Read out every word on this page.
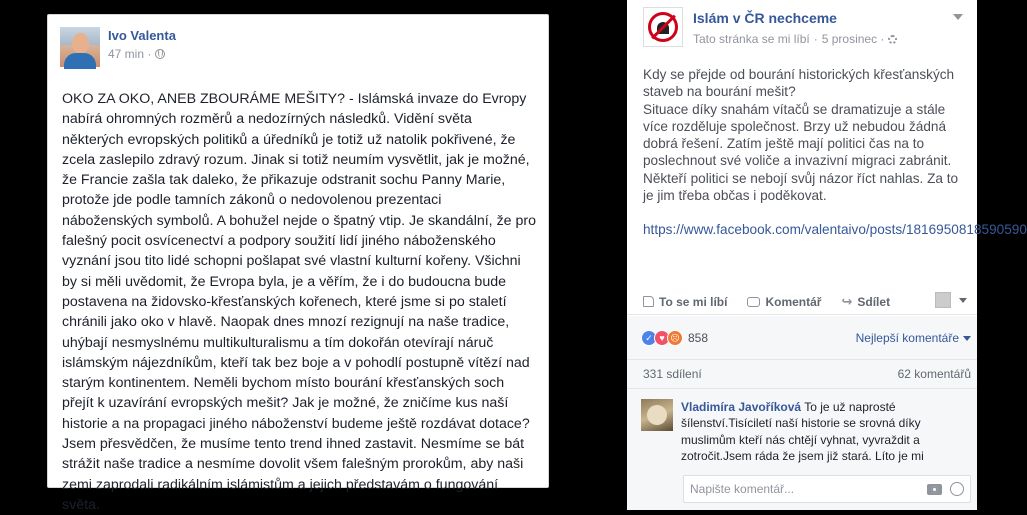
Ivo Valenta
47 min ·
OKO ZA OKO, ANEB ZBOURÁME MEŠITY? - Islámská invaze do Evropy nabírá ohromných rozměrů a nedozírných následků. Vidění světa některých evropských politiků a úředníků je totiž už natolik pokřivené, že zcela zaslepilo zdravý rozum. Jinak si totiž neumím vysvětlit, jak je možné, že Francie zašla tak daleko, že přikazuje odstranit sochu Panny Marie, protože jde podle tamních zákonů o nedovolenou prezentaci náboženských symbolů. A bohužel nejde o špatný vtip. Je skandální, že pro falešný pocit osvícenectví a podpory soužití lidí jiného náboženského vyznání jsou tito lidé schopni pošlapat své vlastní kulturní kořeny. Všichni by si měli uvědomit, že Evropa byla, je a věřím, že i do budoucna bude postavena na židovsko-křesťanských kořenech, které jsme si po staletí chránili jako oko v hlavě. Naopak dnes mnozí rezignují na naše tradice, uhýbají nesmyslnému multikulturalismu a tím dokořán otevírají náruč islámským nájezdníkům, kteří tak bez boje a v pohodlí postupně vítězí nad starým kontinentem. Neměli bychom místo bourání křesťanských soch přejít k uzavírání evropských mešit? Jak je možné, že zničíme kus naší historie a na propagaci jiného náboženství budeme ještě rozdávat dotace? Jsem přesvědčen, že musíme tento trend ihned zastavit. Nesmíme se bát strážit naše tradice a nesmíme dovolit všem falešným prorokům, aby naši zemi zaprodali radikálním islámistům a jejich představám o fungování světa.
Islám v ČR nechceme
Tato stránka se mi líbí · 5 prosinec ·

Kdy se přejde od bourání historických křesťanských staveb na bourání mešit?

Situace díky snahám vítačů se dramatizuje a stále více rozděluje společnost. Brzy už nebudou žádná dobrá řešení. Zatím ještě mají politici čas na to poslechnout své voliče a invazivní migraci zabránit. Někteří politici se nebojí svůj názor říct nahlas. Za to je jim třeba občas i poděkovat.

https://www.facebook.com/valentaivo/posts/1816950818590590
To se mi líbí	Komentář ↪ Sdílet
✓ ♥ ☹ 858	Nejlepší komentáře
331 sdílení	62 komentářů
Vladimíra Javoříková To je už naprosté šílenství.Tisíciletí naší historie se srovná díky muslimům kteří nás chtějí vyhnat, vyvraždit a zotročit.Jsem ráda že jsem již stará. Líto je mi
Napište komentář...
